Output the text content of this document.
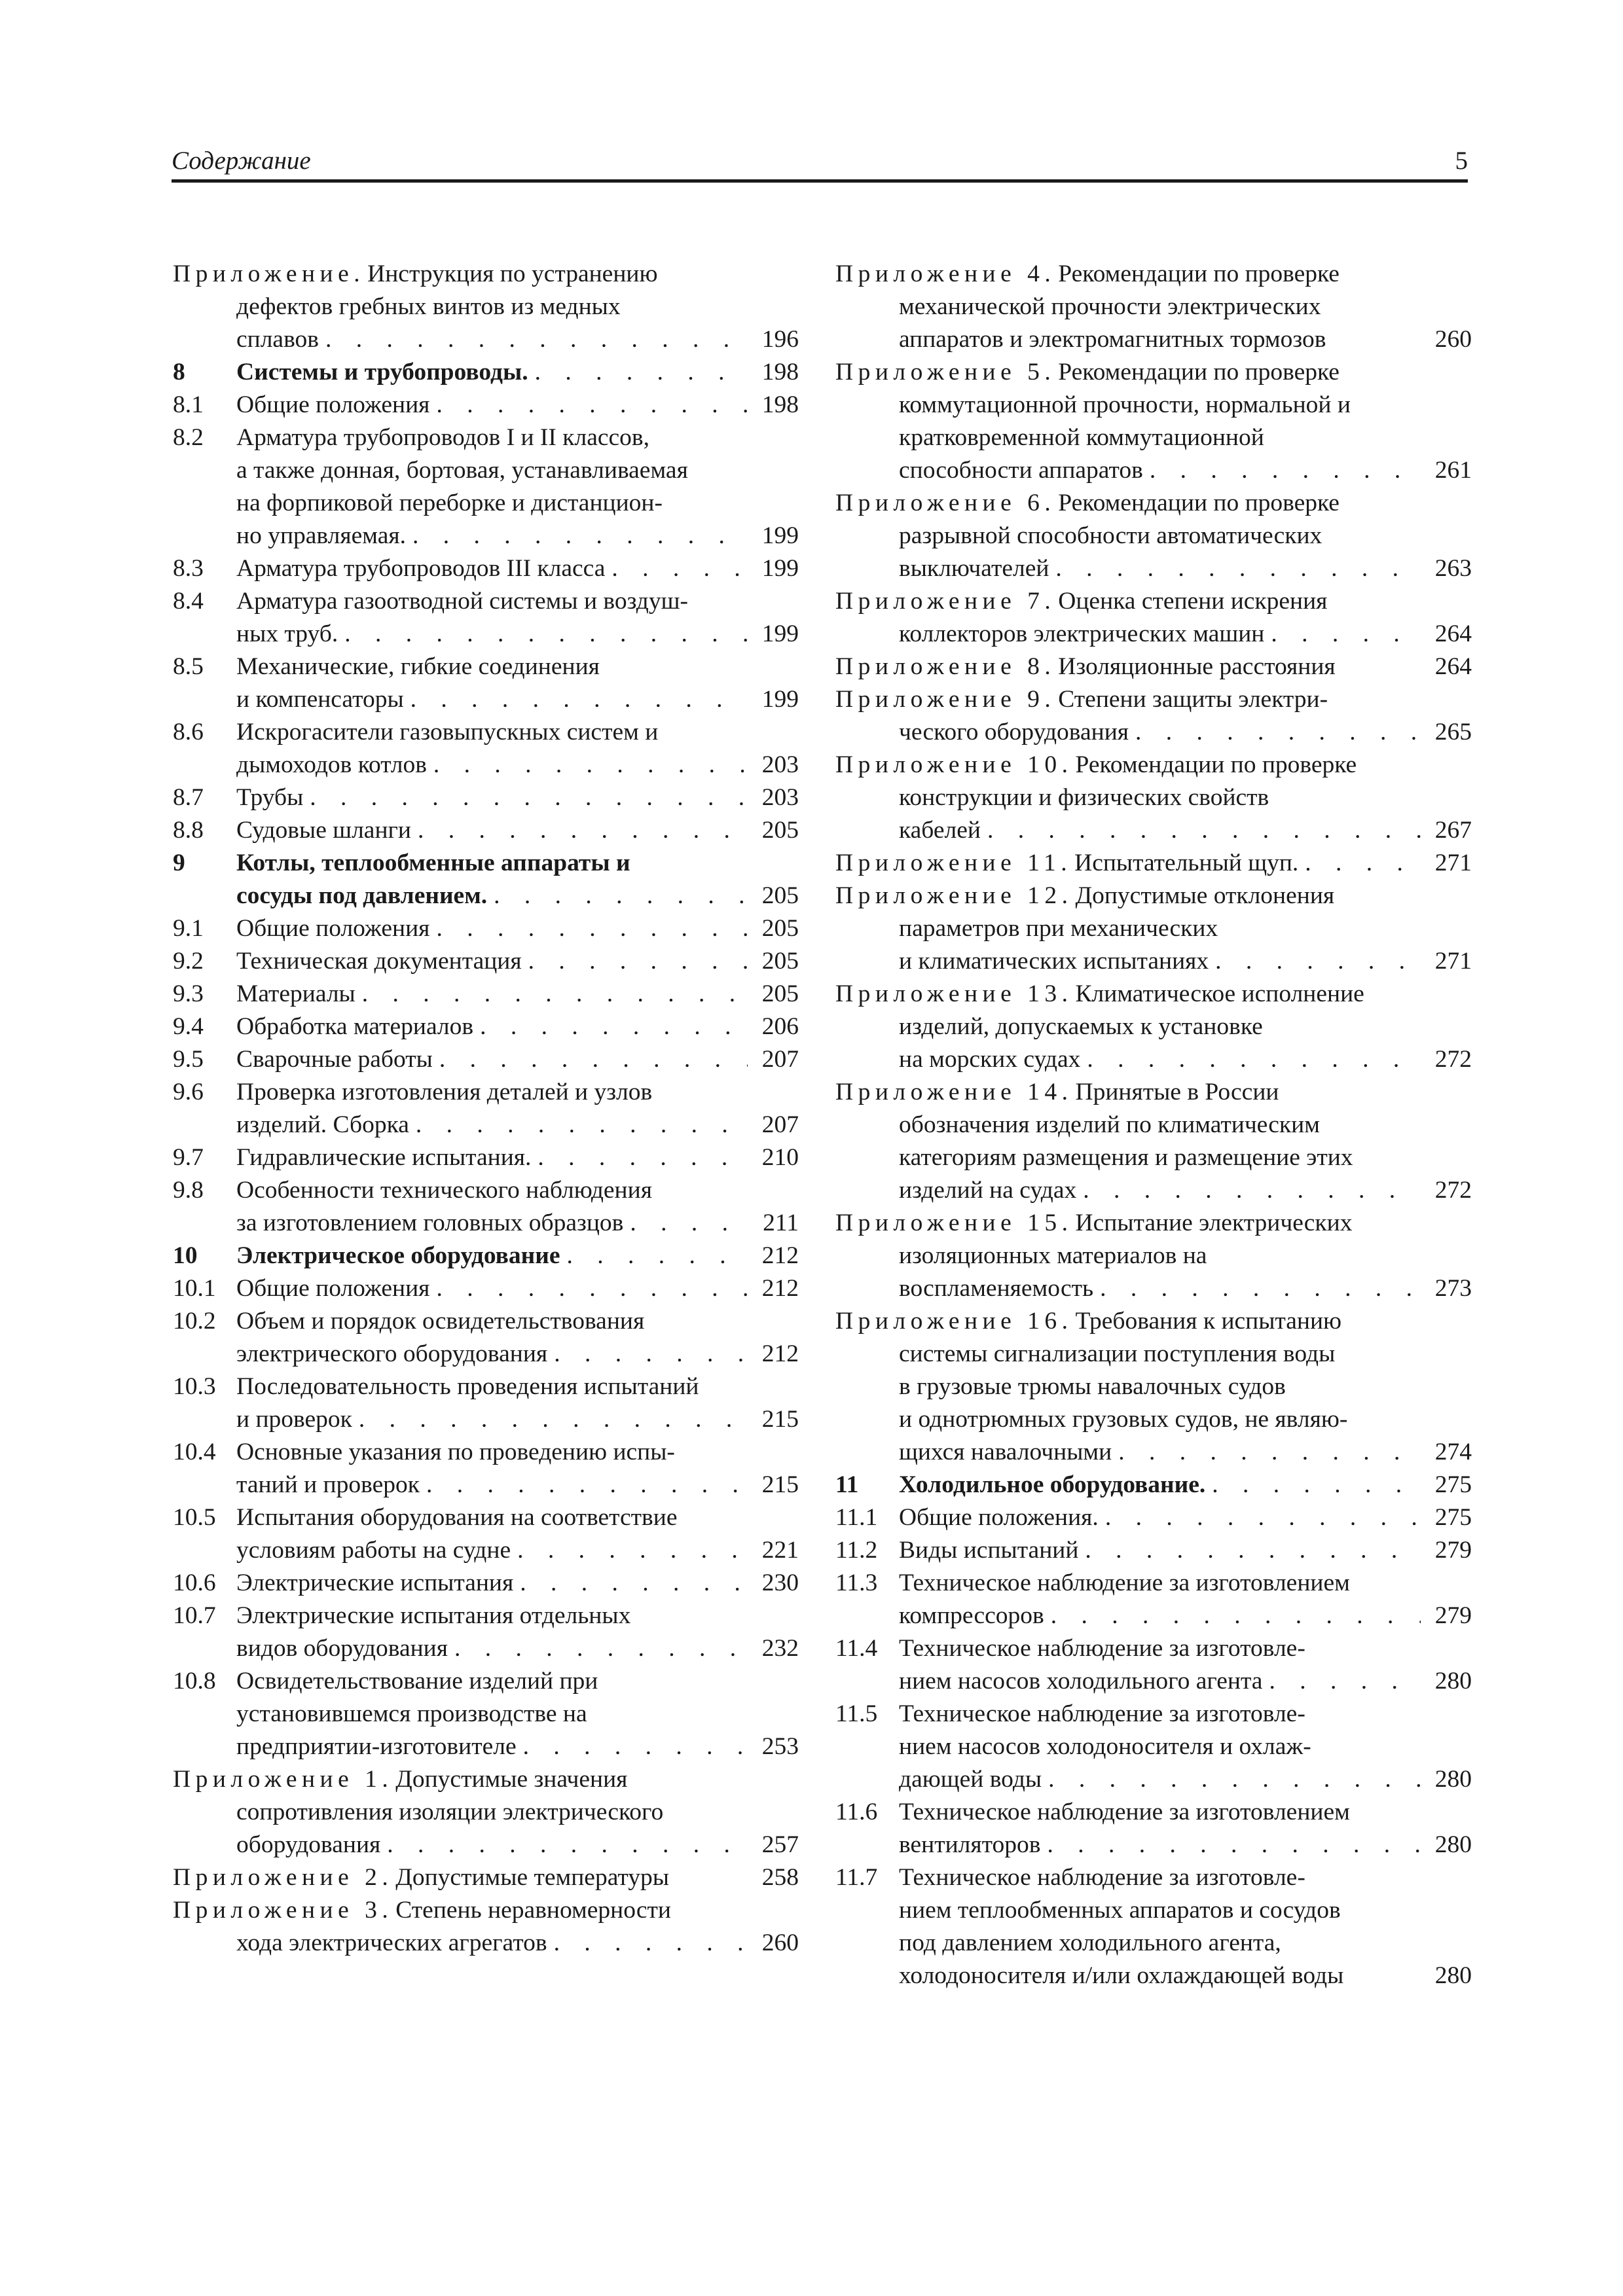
Содержание	5
Приложение. Инструкция по устранению
дефектов гребных винтов из медных
сплавов . . .	196
8	Системы и трубопроводы. . . .	198
8.1	Общие положения . . .	198
8.2	Арматура трубопроводов I и II классов,
а также донная, бортовая, устанавливаемая
на форпиковой переборке и дистанцион-
но управляемая. . . .	199
8.3	Арматура трубопроводов III класса . . .	199
8.4	Арматура газоотводной системы и воздуш-
ных труб. . . .	199
8.5	Механические, гибкие соединения
и компенсаторы . . .	199
8.6	Искрогасители газовыпускных систем и
дымоходов котлов . . .	203
8.7	Трубы . . .	203
8.8	Судовые шланги . . .	205
9	Котлы, теплообменные аппараты и
сосуды под давлением. . . .	205
9.1	Общие положения . . .	205
9.2	Техническая документация . . .	205
9.3	Материалы . . .	205
9.4	Обработка материалов . . .	206
9.5	Сварочные работы . . .	207
9.6	Проверка изготовления деталей и узлов
изделий. Сборка . . .	207
9.7	Гидравлические испытания. . . .	210
9.8	Особенности технического наблюдения
за изготовлением головных образцов . . .	211
10	Электрическое оборудование . . .	212
10.1 Общие положения . . .	212
10.2 Объем и порядок освидетельствования
электрического оборудования . . .	212
10.3 Последовательность проведения испытаний
и проверок . . .	215
10.4 Основные указания по проведению испы-
таний и проверок . . .	215
10.5 Испытания оборудования на соответствие
условиям работы на судне . . .	221
10.6 Электрические испытания . . .	230
10.7 Электрические испытания отдельных
видов оборудования . . .	232
10.8 Освидетельствование изделий при
установившемся производстве на
предприятии-изготовителе . . .	253
Приложение 1. Допустимые значения
сопротивления изоляции электрического
оборудования . . .	257
Приложение 2. Допустимые температуры	258
Приложение 3. Степень неравномерности
хода электрических агрегатов . . .	260
Приложение 4. Рекомендации по проверке
механической прочности электрических
аппаратов и электромагнитных тормозов	260
Приложение 5. Рекомендации по проверке
коммутационной прочности, нормальной и
кратковременной коммутационной
способности аппаратов . . .	261
Приложение 6. Рекомендации по проверке
разрывной способности автоматических
выключателей . . .	263
Приложение 7. Оценка степени искрения
коллекторов электрических машин . . .	264
Приложение 8. Изоляционные расстояния	264
Приложение 9. Степени защиты электри-
ческого оборудования . . .	265
Приложение 10. Рекомендации по проверке
конструкции и физических свойств
кабелей . . .	267
Приложение 11. Испытательный щуп. . . .	271
Приложение 12. Допустимые отклонения
параметров при механических
и климатических испытаниях . . .	271
Приложение 13. Климатическое исполнение
изделий, допускаемых к установке
на морских судах . . .	272
Приложение 14. Принятые в России
обозначения изделий по климатическим
категориям размещения и размещение этих
изделий на судах . . .	272
Приложение 15. Испытание электрических
изоляционных материалов на
воспламеняемость . . .	273
Приложение 16. Требования к испытанию
системы сигнализации поступления воды
в грузовые трюмы навалочных судов
и однотрюмных грузовых судов, не являю-
щихся навалочными . . .	274
11	Холодильное оборудование. . . .	275
11.1 Общие положения. . . .	275
11.2 Виды испытаний . . .	279
11.3 Техническое наблюдение за изготовлением
компрессоров . . .	279
11.4 Техническое наблюдение за изготовле-
нием насосов холодильного агента . . .	280
11.5 Техническое наблюдение за изготовле-
нием насосов холодоносителя и охлаж-
дающей воды . . .	280
11.6 Техническое наблюдение за изготовлением
вентиляторов . . .	280
11.7 Техническое наблюдение за изготовле-
нием теплообменных аппаратов и сосудов
под давлением холодильного агента,
холодоносителя и/или охлаждающей воды	280
